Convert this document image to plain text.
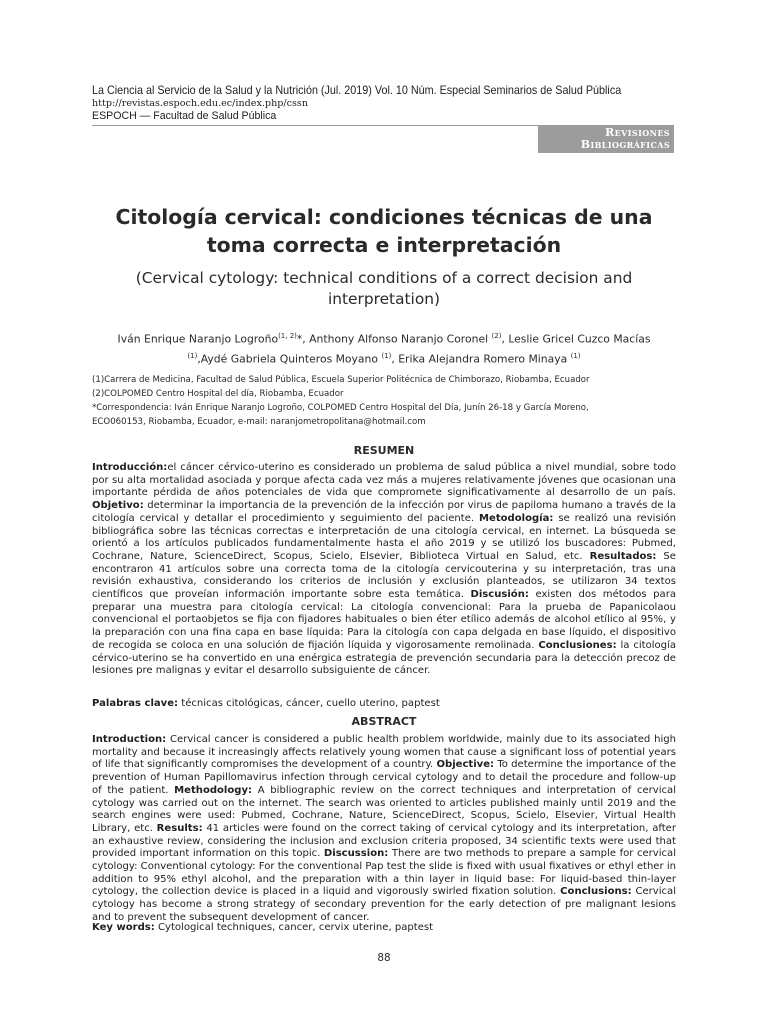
La Ciencia al Servicio de la Salud y la Nutrición (Jul. 2019) Vol. 10 Núm. Especial Seminarios de Salud Pública
http://revistas.espoch.edu.ec/index.php/cssn
ESPOCH — Facultad de Salud Pública
Revisiones
Bibliográficas
Citología cervical: condiciones técnicas de una toma correcta e interpretación
(Cervical cytology: technical conditions of a correct decision and interpretation)
Iván Enrique Naranjo Logroño$^{(1, 2)}$*, Anthony Alfonso Naranjo Coronel $^{(2)}$, Leslie Gricel Cuzco Macías
$^{(1)}$,Aydé Gabriela Quinteros Moyano $^{(1)}$, Erika Alejandra Romero Minaya $^{(1)}$
(1)Carrera de Medicina, Facultad de Salud Pública, Escuela Superior Politécnica de Chimborazo, Riobamba, Ecuador
(2)COLPOMED Centro Hospital del día, Riobamba, Ecuador
*Correspondencia: Iván Enrique Naranjo Logroño, COLPOMED Centro Hospital del Día, Junín 26-18 y García Moreno,
ECO060153, Riobamba, Ecuador, e-mail: naranjometropolitana@hotmail.com
RESUMEN
Introducción:el cáncer cérvico-uterino es considerado un problema de salud pública a nivel mundial, sobre todo por su alta mortalidad asociada y porque afecta cada vez más a mujeres relativamente jóvenes que ocasionan una importante pérdida de años potenciales de vida que compromete significativamente al desarrollo de un país. Objetivo: determinar la importancia de la prevención de la infección por virus de papiloma humano a través de la citología cervical y detallar el procedimiento y seguimiento del paciente. Metodología: se realizó una revisión bibliográfica sobre las técnicas correctas e interpretación de una citología cervical, en internet. La búsqueda se orientó a los artículos publicados fundamentalmente hasta el año 2019 y se utilizó los buscadores: Pubmed, Cochrane, Nature, ScienceDirect, Scopus, Scielo, Elsevier, Biblioteca Virtual en Salud, etc. Resultados: Se encontraron 41 artículos sobre una correcta toma de la citología cervicouterina y su interpretación, tras una revisión exhaustiva, considerando los criterios de inclusión y exclusión planteados, se utilizaron 34 textos científicos que proveían información importante sobre esta temática. Discusión: existen dos métodos para preparar una muestra para citología cervical: La citología convencional: Para la prueba de Papanicolaou convencional el portaobjetos se fija con fijadores habituales o bien éter etílico además de alcohol etílico al 95%, y la preparación con una fina capa en base líquida: Para la citología con capa delgada en base líquido, el dispositivo de recogida se coloca en una solución de fijación líquida y vigorosamente remolinada. Conclusiones: la citología cérvico-uterino se ha convertido en una enérgica estrategia de prevención secundaria para la detección precoz de lesiones pre malignas y evitar el desarrollo subsiguiente de cáncer.
Palabras clave: técnicas citológicas, cáncer, cuello uterino, paptest
ABSTRACT
Introduction: Cervical cancer is considered a public health problem worldwide, mainly due to its associated high mortality and because it increasingly affects relatively young women that cause a significant loss of potential years of life that significantly compromises the development of a country. Objective: To determine the importance of the prevention of Human Papillomavirus infection through cervical cytology and to detail the procedure and follow-up of the patient. Methodology: A bibliographic review on the correct techniques and interpretation of cervical cytology was carried out on the internet. The search was oriented to articles published mainly until 2019 and the search engines were used: Pubmed, Cochrane, Nature, ScienceDirect, Scopus, Scielo, Elsevier, Virtual Health Library, etc. Results: 41 articles were found on the correct taking of cervical cytology and its interpretation, after an exhaustive review, considering the inclusion and exclusion criteria proposed, 34 scientific texts were used that provided important information on this topic. Discussion: There are two methods to prepare a sample for cervical cytology: Conventional cytology: For the conventional Pap test the slide is fixed with usual fixatives or ethyl ether in addition to 95% ethyl alcohol, and the preparation with a thin layer in liquid base: For liquid-based thin-layer cytology, the collection device is placed in a liquid and vigorously swirled fixation solution. Conclusions: Cervical cytology has become a strong strategy of secondary prevention for the early detection of pre malignant lesions and to prevent the subsequent development of cancer.
Key words: Cytological techniques, cancer, cervix uterine, paptest
88
